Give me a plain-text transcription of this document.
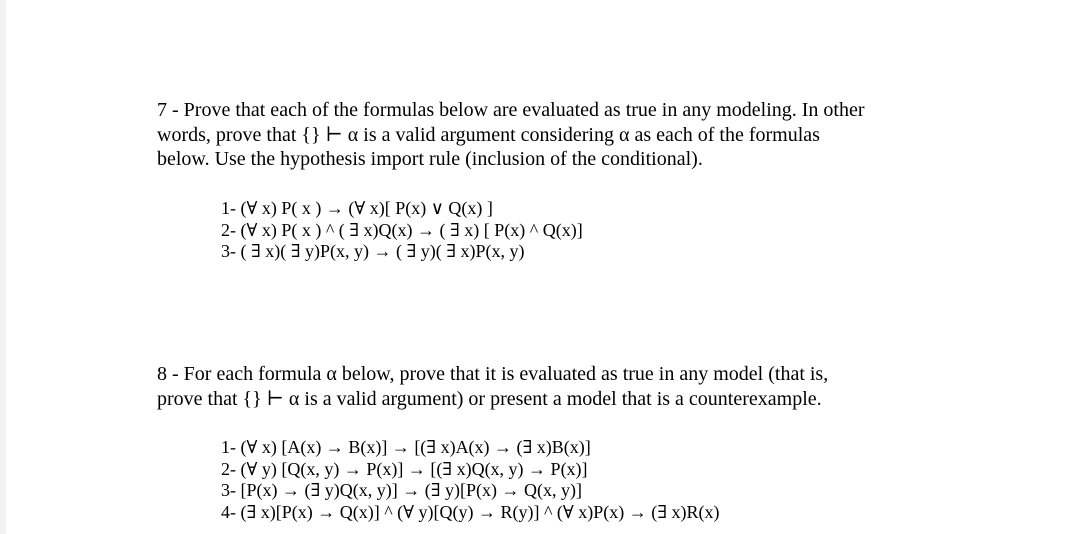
7 - Prove that each of the formulas below are evaluated as true in any modeling. In other
words, prove that {} ⊢ α is a valid argument considering α as each of the formulas
below. Use the hypothesis import rule (inclusion of the conditional).
1- (∀ x) P( x ) → (∀ x)[ P(x) ∨ Q(x) ]
2- (∀ x) P( x ) ^ ( ∃ x)Q(x) → ( ∃ x) [ P(x) ^ Q(x)]
3- ( ∃ x)( ∃ y)P(x, y) → ( ∃ y)( ∃ x)P(x, y)
8 - For each formula α below, prove that it is evaluated as true in any model (that is,
prove that {} ⊢ α is a valid argument) or present a model that is a counterexample.
1- (∀ x) [A(x) → B(x)] → [(∃ x)A(x) → (∃ x)B(x)]
2- (∀ y) [Q(x, y) → P(x)] → [(∃ x)Q(x, y) → P(x)]
3- [P(x) → (∃ y)Q(x, y)] → (∃ y)[P(x) → Q(x, y)]
4- (∃ x)[P(x) → Q(x)] ^ (∀ y)[Q(y) → R(y)] ^ (∀ x)P(x) → (∃ x)R(x)
